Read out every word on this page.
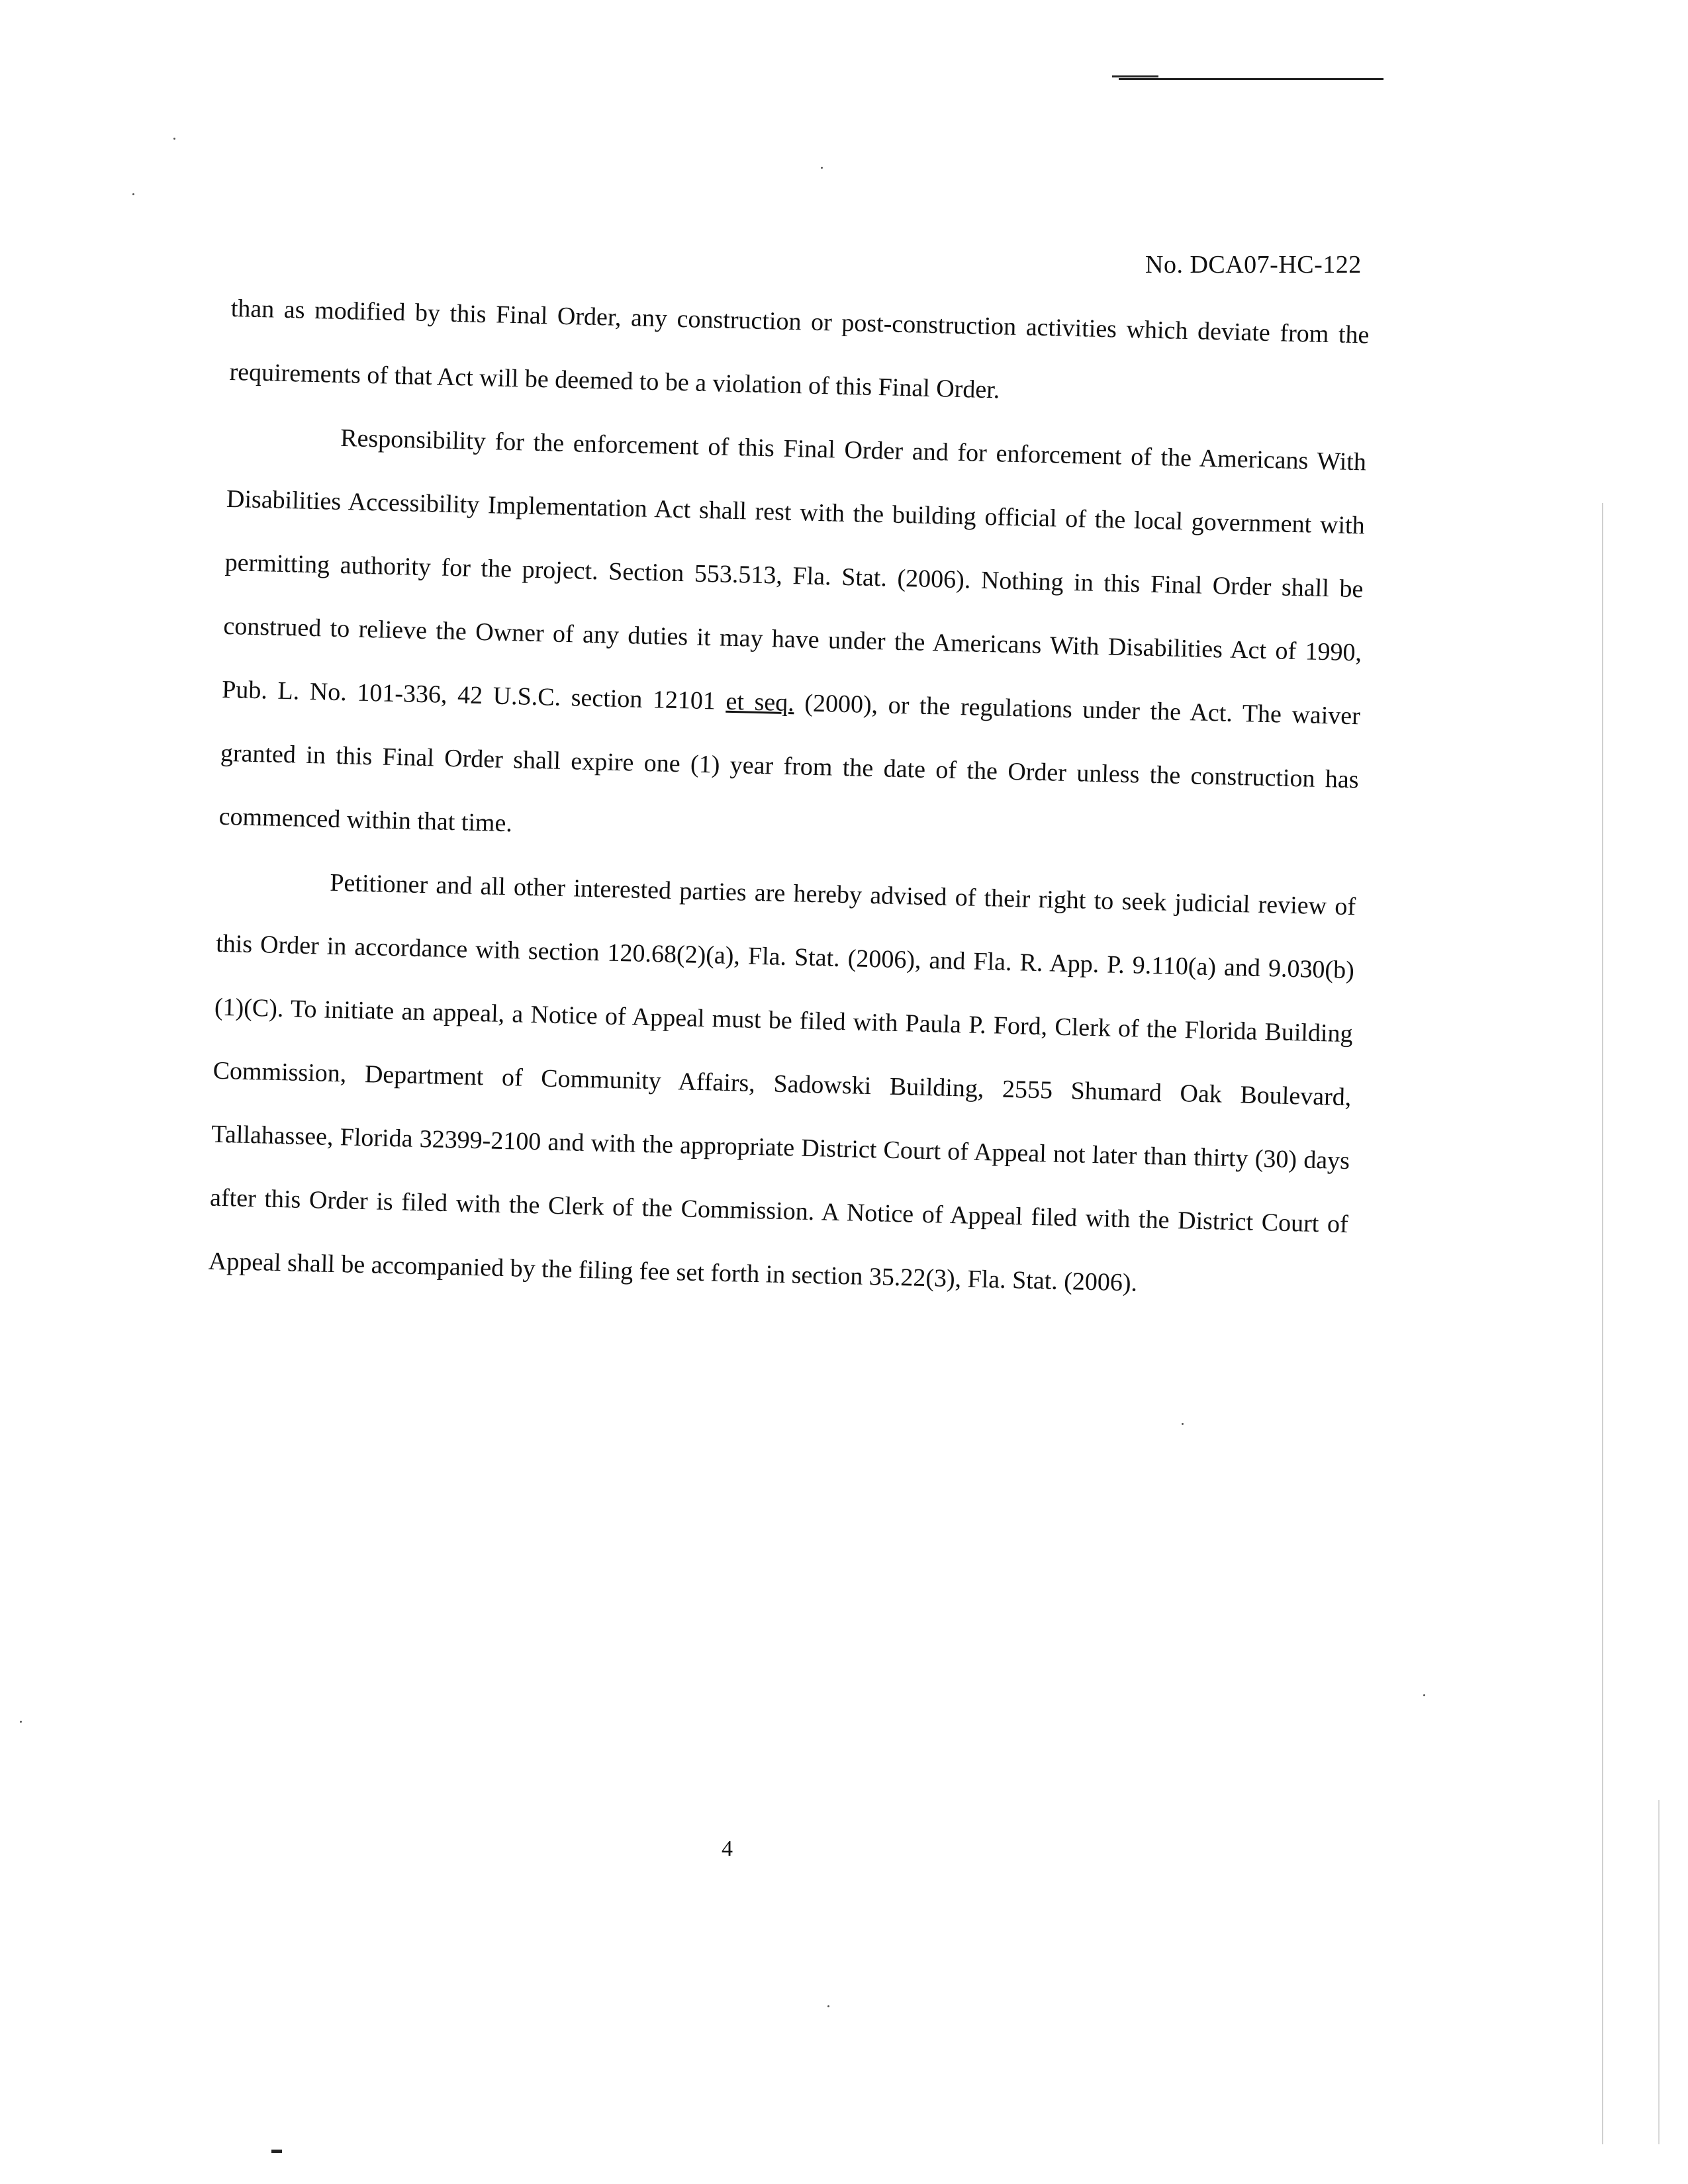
No. DCA07-HC-122

than as modified by this Final Order, any construction or post-construction activities which deviate from the requirements of that Act will be deemed to be a violation of this Final Order.

Responsibility for the enforcement of this Final Order and for enforcement of the Americans With Disabilities Accessibility Implementation Act shall rest with the building official of the local government with permitting authority for the project. Section 553.513, Fla. Stat. (2006). Nothing in this Final Order shall be construed to relieve the Owner of any duties it may have under the Americans With Disabilities Act of 1990, Pub. L. No. 101-336, 42 U.S.C. section 12101 et seq. (2000), or the regulations under the Act. The waiver granted in this Final Order shall expire one (1) year from the date of the Order unless the construction has commenced within that time.

Petitioner and all other interested parties are hereby advised of their right to seek judicial review of this Order in accordance with section 120.68(2)(a), Fla. Stat. (2006), and Fla. R. App. P. 9.110(a) and 9.030(b)(1)(C). To initiate an appeal, a Notice of Appeal must be filed with Paula P. Ford, Clerk of the Florida Building Commission, Department of Community Affairs, Sadowski Building, 2555 Shumard Oak Boulevard, Tallahassee, Florida 32399-2100 and with the appropriate District Court of Appeal not later than thirty (30) days after this Order is filed with the Clerk of the Commission. A Notice of Appeal filed with the District Court of Appeal shall be accompanied by the filing fee set forth in section 35.22(3), Fla. Stat. (2006).

4
